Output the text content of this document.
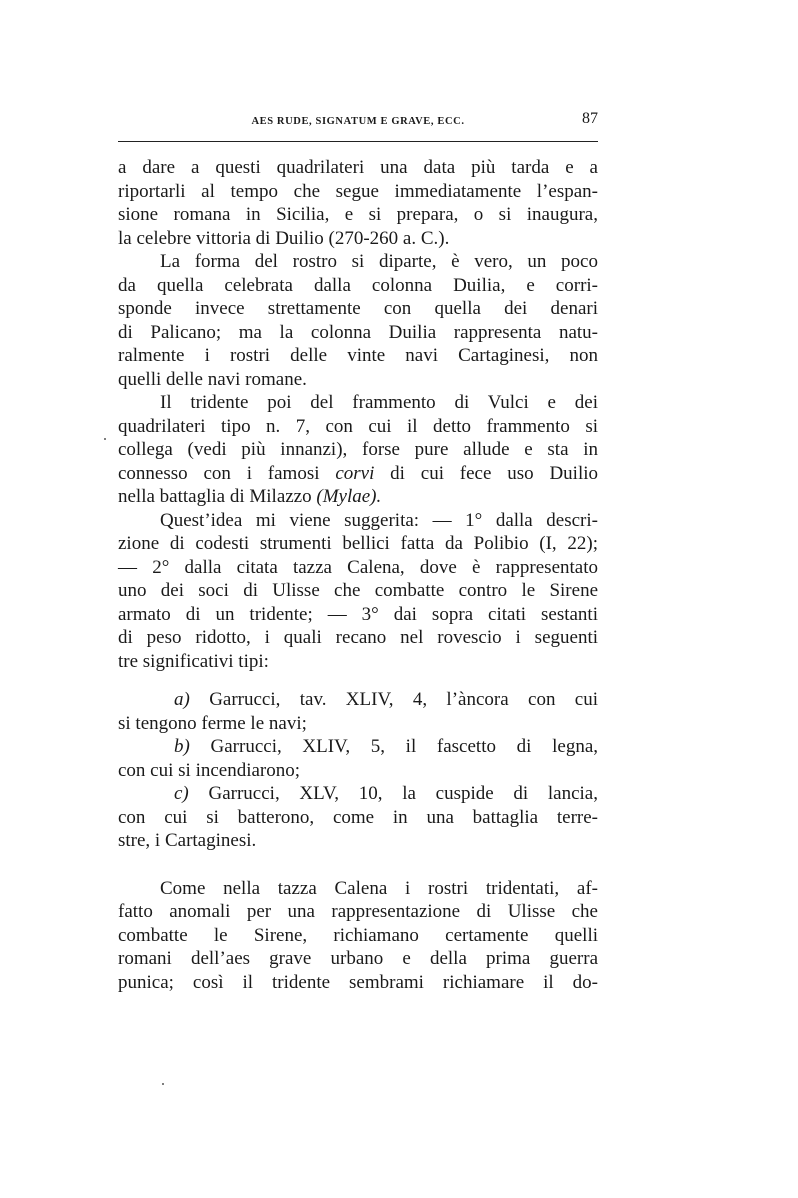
AES RUDE, SIGNATUM E GRAVE, ECC.	87
a dare a questi quadrilateri una data più tarda e a
riportarli al tempo che segue immediatamente l’espan-
sione romana in Sicilia, e si prepara, o si inaugura,
la celebre vittoria di Duilio (270-260 a. C.).
La forma del rostro si diparte, è vero, un poco
da quella celebrata dalla colonna Duilia, e corri-
sponde invece strettamente con quella dei denari
di Palicano; ma la colonna Duilia rappresenta natu-
ralmente i rostri delle vinte navi Cartaginesi, non
quelli delle navi romane.
Il tridente poi del frammento di Vulci e dei
quadrilateri tipo n. 7, con cui il detto frammento si
collega (vedi più innanzi), forse pure allude e sta in
connesso con i famosi corvi di cui fece uso Duilio
nella battaglia di Milazzo (Mylae).
Quest’idea mi viene suggerita: — 1° dalla descri-
zione di codesti strumenti bellici fatta da Polibio (I, 22);
— 2° dalla citata tazza Calena, dove è rappresentato
uno dei soci di Ulisse che combatte contro le Sirene
armato di un tridente; — 3° dai sopra citati sestanti
di peso ridotto, i quali recano nel rovescio i seguenti
tre significativi tipi:
a) Garrucci, tav. XLIV, 4, l’àncora con cui
si tengono ferme le navi;
b) Garrucci, XLIV, 5, il fascetto di legna,
con cui si incendiarono;
c) Garrucci, XLV, 10, la cuspide di lancia,
con cui si batterono, come in una battaglia terre-
stre, i Cartaginesi.
Come nella tazza Calena i rostri tridentati, af-
fatto anomali per una rappresentazione di Ulisse che
combatte le Sirene, richiamano certamente quelli
romani dell’aes grave urbano e della prima guerra
punica; così il tridente sembrami richiamare il do-
